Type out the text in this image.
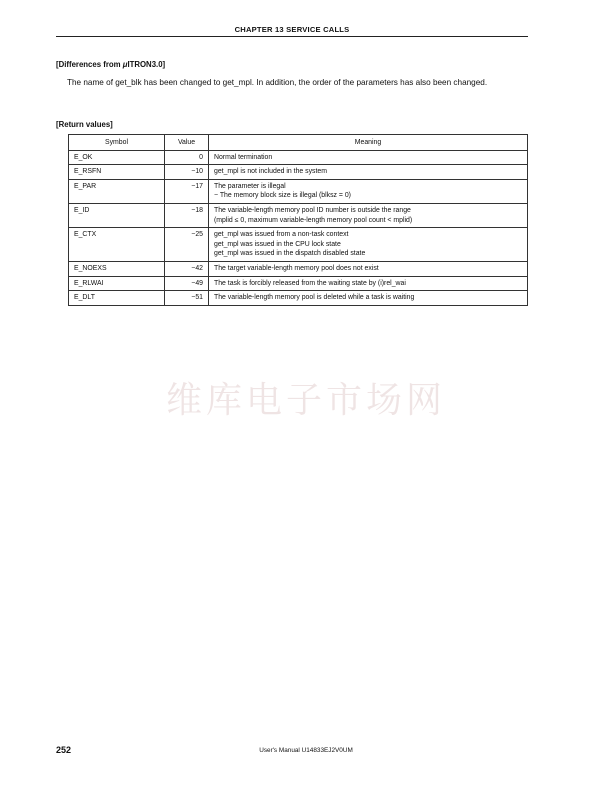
CHAPTER 13 SERVICE CALLS
[Differences from μITRON3.0]
The name of get_blk has been changed to get_mpl. In addition, the order of the parameters has also been changed.
[Return values]
Symbol	Value	Meaning
E_OK	0	Normal termination

E_RSFN	−10	get_mpl is not included in the system

E_PAR	−17	The parameter is illegal
− The memory block size is illegal (blksz = 0)

E_ID	−18	The variable-length memory pool ID number is outside the range
(mplid ≤ 0, maximum variable-length memory pool count < mplid)

E_CTX	−25	get_mpl was issued from a non-task context
get_mpl was issued in the CPU lock state
get_mpl was issued in the dispatch disabled state

E_NOEXS	−42	The target variable-length memory pool does not exist

E_RLWAI	−49	The task is forcibly released from the waiting state by (i)rel_wai

E_DLT	−51	The variable-length memory pool is deleted while a task is waiting
维库电子市场网
252	User's Manual U14833EJ2V0UM
